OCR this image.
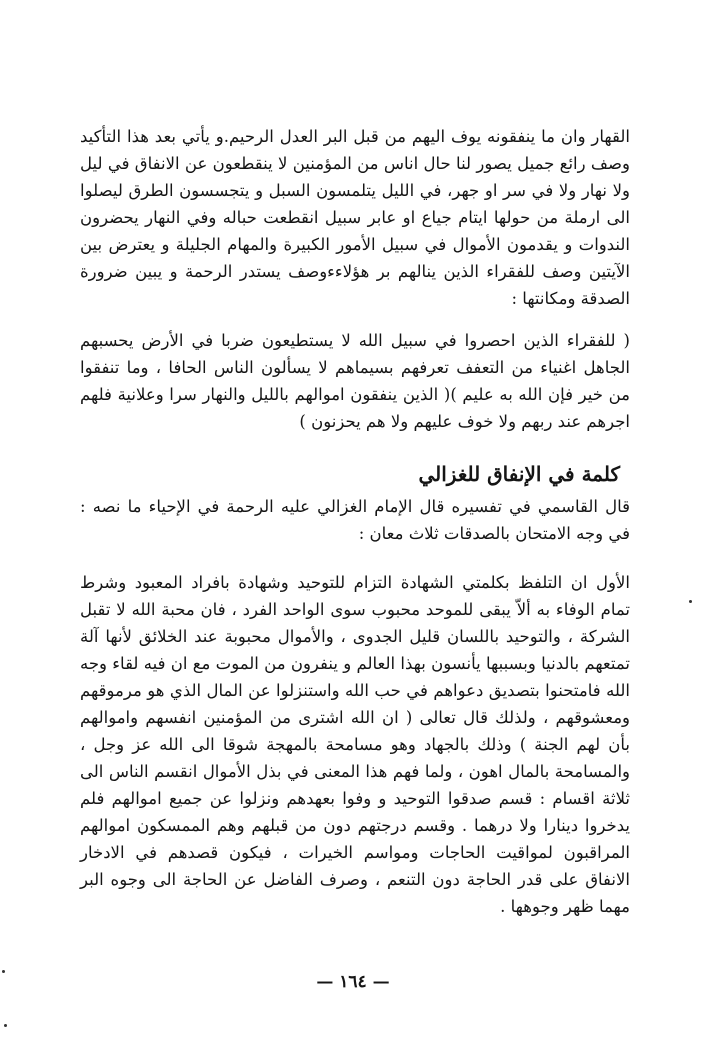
القهار وان ما ينفقونه يوف اليهم من قبل البر العدل الرحيم.و يأتي بعد هذا التأكيد وصف رائع جميل يصور لنا حال اناس من المؤمنين لا ينقطعون عن الانفاق في ليل ولا نهار ولا في سر او جهر، في الليل يتلمسون السبل و يتجسسون الطرق ليصلوا الى ارملة من حولها ايتام جياع او عابر سبيل انقطعت حباله وفي النهار يحضرون الندوات و يقدمون الأموال في سبيل الأمور الكبيرة والمهام الجليلة و يعترض بين الآيتين وصف للفقراء الذين ينالهم بر هؤلاءءوصف يستدر الرحمة و يبين ضرورة الصدقة ومكانتها :

( للفقراء الذين احصروا في سبيل الله لا يستطيعون ضربا في الأرض يحسبهم الجاهل اغنياء من التعفف تعرفهم بسيماهم لا يسألون الناس الحافا ، وما تنفقوا من خير فإن الله به عليم )( الذين ينفقون اموالهم بالليل والنهار سرا وعلانية فلهم اجرهم عند ربهم ولا خوف عليهم ولا هم يحزنون )

كلمة في الإنفاق للغزالي

قال القاسمي في تفسيره قال الإمام الغزالي عليه الرحمة في الإحياء ما نصه : في وجه الامتحان بالصدقات ثلاث معان :

الأول ان التلفظ بكلمتي الشهادة التزام للتوحيد وشهادة بافراد المعبود وشرط تمام الوفاء به ألاّ يبقى للموحد محبوب سوى الواحد الفرد ، فان محبة الله لا تقبل الشركة ، والتوحيد باللسان قليل الجدوى ، والأموال محبوبة عند الخلائق لأنها آلة تمتعهم بالدنيا وبسببها يأنسون بهذا العالم و ينفرون من الموت مع ان فيه لقاء وجه الله فامتحنوا بتصديق دعواهم في حب الله واستنزلوا عن المال الذي هو مرموقهم ومعشوقهم ، ولذلك قال تعالى ( ان الله اشترى من المؤمنين انفسهم واموالهم بأن لهم الجنة ) وذلك بالجهاد وهو مسامحة بالمهجة شوقا الى الله عز وجل ، والمسامحة بالمال اهون ، ولما فهم هذا المعنى في بذل الأموال انقسم الناس الى ثلاثة اقسام : قسم صدقوا التوحيد و وفوا بعهدهم ونزلوا عن جميع اموالهم فلم يدخروا دينارا ولا درهما . وقسم درجتهم دون من قبلهم وهم الممسكون اموالهم المراقبون لمواقيت الحاجات ومواسم الخيرات ، فيكون قصدهم في الادخار الانفاق على قدر الحاجة دون التنعم ، وصرف الفاضل عن الحاجة الى وجوه البر مهما ظهر وجوهها .

— ١٦٤ —
